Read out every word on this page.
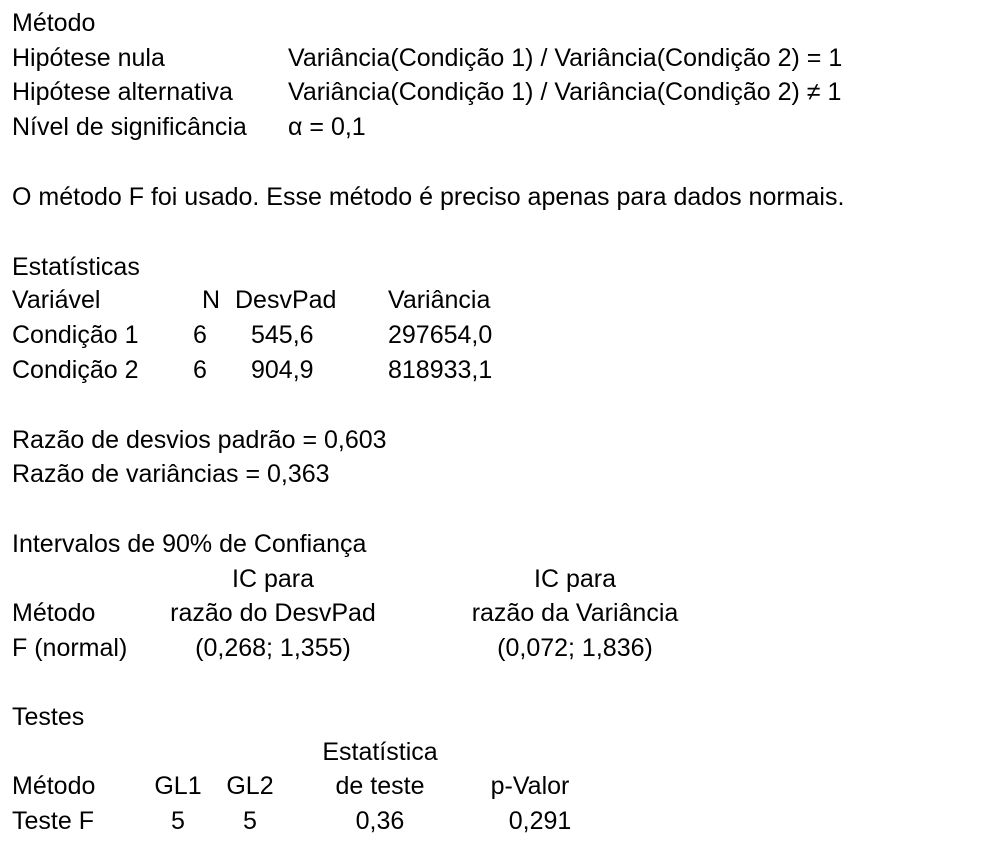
Método
Hipótese nula	Variância(Condição 1) / Variância(Condição 2) = 1
Hipótese alternativa Variância(Condição 1) / Variância(Condição 2) ≠ 1
Nível de significância α = 0,1
O método F foi usado. Esse método é preciso apenas para dados normais.
Estatísticas
Variável	N DesvPad Variância
Condição 1 6 545,6	297654,0
Condição 2 6 904,9	818933,1
Razão de desvios padrão = 0,603
Razão de variâncias = 0,363
Intervalos de 90% de Confiança
IC para	IC para
Método	razão do DesvPad	razão da Variância
F (normal)	(0,268; 1,355)	(0,072; 1,836)
Testes
Estatística
Método GL1 GL2	de teste	p-Valor
Teste F	5	5	0,36	0,291
